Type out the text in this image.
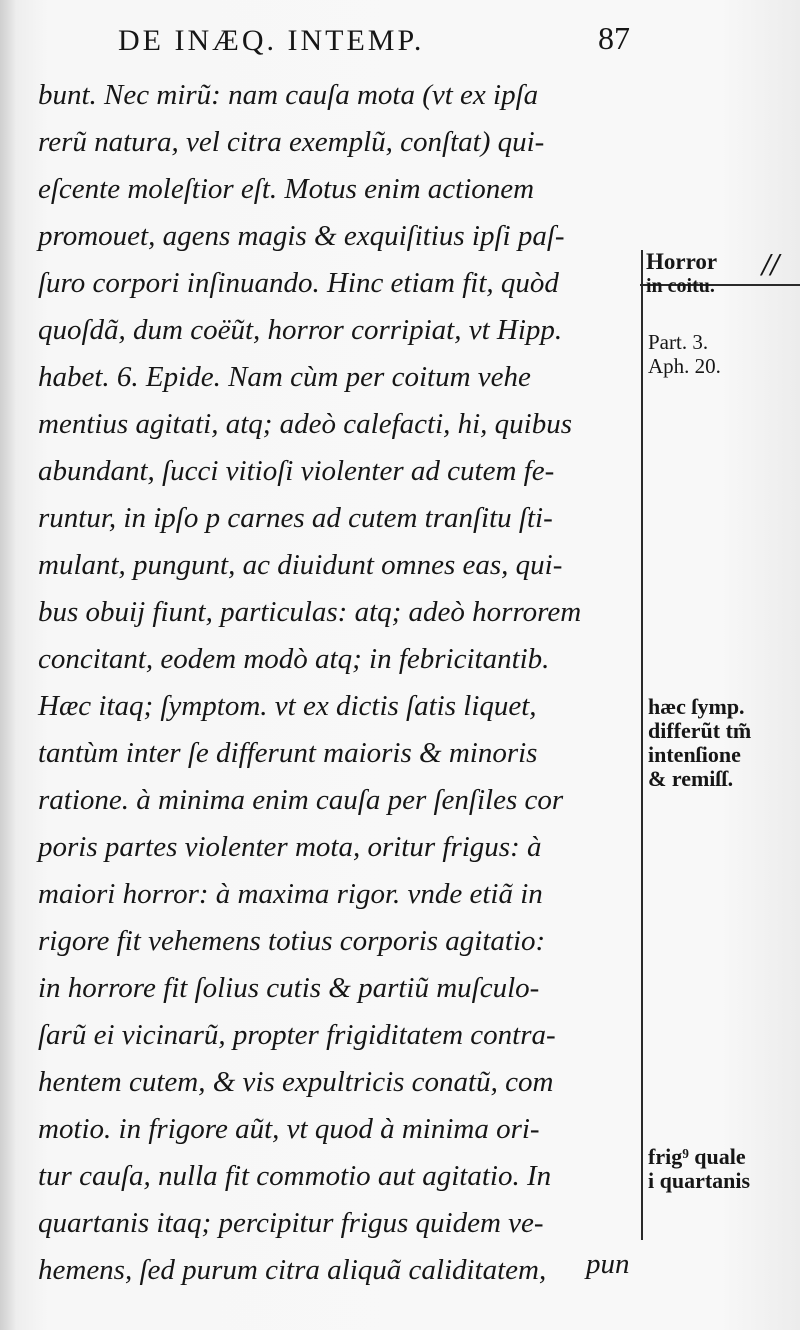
DE INÆQ. INTEMP.	87
bunt. Nec mirũ: nam cauſa mota (vt ex ipſa
rerũ natura, vel citra exemplũ, conſtat) qui-
eſcente moleſtior eſt. Motus enim actionem
promouet, agens magis & exquiſitius ipſi paſ-
ſuro corpori inſinuando. Hinc etiam fit, quòd
quoſdã, dum coëũt, horror corripiat, vt Hipp.
habet. 6. Epide. Nam cùm per coitum vehe
mentius agitati, atq; adeò calefacti, hi, quibus
abundant, ſucci vitioſi violenter ad cutem fe-
runtur, in ipſo p carnes ad cutem tranſitu ſti-
mulant, pungunt, ac diuidunt omnes eas, qui-
bus obuij fiunt, particulas: atq; adeò horrorem
concitant, eodem modò atq; in febricitantib.
Hæc itaq; ſymptom. vt ex dictis ſatis liquet,
tantùm inter ſe differunt maioris & minoris
ratione. à minima enim cauſa per ſenſiles cor
poris partes violenter mota, oritur frigus: à
maiori horror: à maxima rigor. vnde etiã in
rigore fit vehemens totius corporis agitatio:
in horrore fit ſolius cutis & partiũ muſculo-
ſarũ ei vicinarũ, propter frigiditatem contra-
hentem cutem, & vis expultricis conatũ, com
motio. in frigore aũt, vt quod à minima ori-
tur cauſa, nulla fit commotio aut agitatio. In
quartanis itaq; percipitur frigus quidem ve-
hemens, ſed purum citra aliquã caliditatem,
Horror
in coitu.
//
Part. 3.
Aph. 20.
hæc ſymp.
differũt tm̃
intenſione
& remiſſ.
frig⁹ quale
i quartanis
pun
